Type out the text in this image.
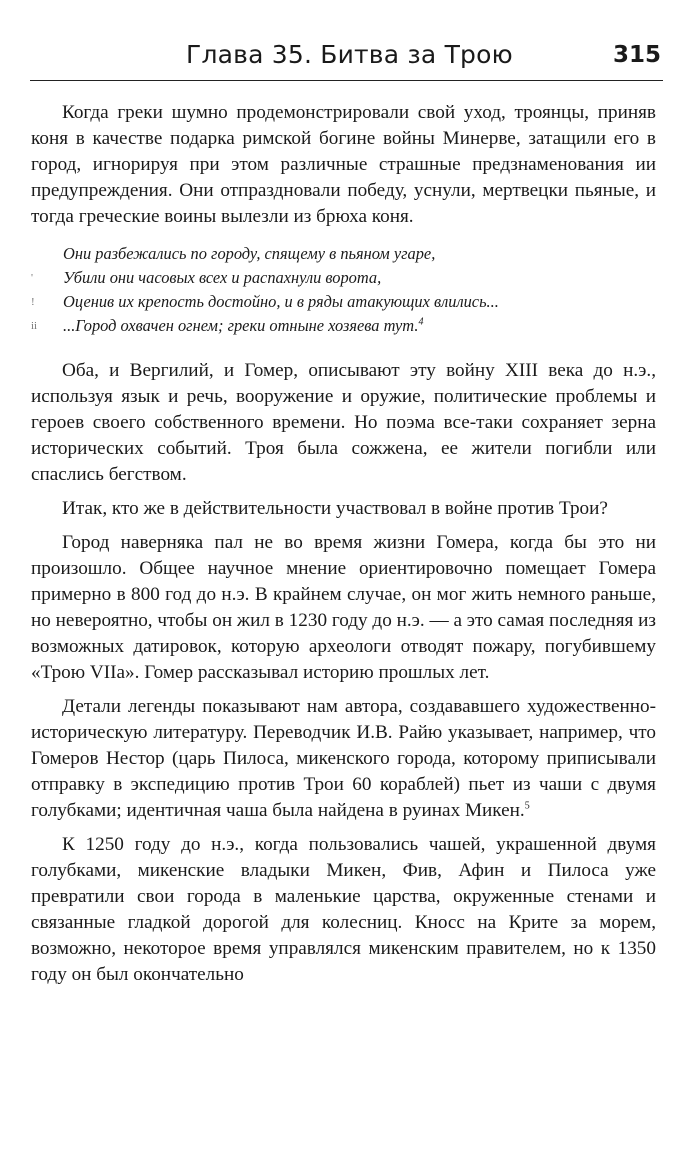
Глава 35. Битва за Трою	315

Когда греки шумно продемонстрировали свой уход, троянцы, приняв коня в качестве подарка римской богине войны Минерве, затащили его в город, игнорируя при этом различные страшные предзнаменования ии предупреждения. Они отпраздновали победу, уснули, мертвецки пьяные, и тогда греческие воины вылезли из брюха коня.

Они разбежались по городу, спящему в пьяном угаре,
' Убили они часовых всех и распахнули ворота,
! Оценив их крепость достойно, и в ряды атакующих влились...
іі ...Город охвачен огнем; греки отныне хозяева тут.$^4$

Оба, и Вергилий, и Гомер, описывают эту войну XIII века до н.э., используя язык и речь, вооружение и оружие, политические проблемы и героев своего собственного времени. Но поэма все-таки сохраняет зерна исторических событий. Троя была сожжена, ее жители погибли или спаслись бегством.

Итак, кто же в действительности участвовал в войне против Трои?

Город наверняка пал не во время жизни Гомера, когда бы это ни произошло. Общее научное мнение ориентировочно помещает Гомера примерно в 800 год до н.э. В крайнем случае, он мог жить немного раньше, но невероятно, чтобы он жил в 1230 году до н.э. — а это самая последняя из возможных датировок, которую археологи отводят пожару, погубившему «Трою VIIa». Гомер рассказывал историю прошлых лет.

Детали легенды показывают нам автора, создававшего художественно-историческую литературу. Переводчик И.В. Райю указывает, например, что Гомеров Нестор (царь Пилоса, микенского города, которому приписывали отправку в экспедицию против Трои 60 кораблей) пьет из чаши с двумя голубками; идентичная чаша была найдена в руинах Микен.$^5$

К 1250 году до н.э., когда пользовались чашей, украшенной двумя голубками, микенские владыки Микен, Фив, Афин и Пилоса уже превратили свои города в маленькие царства, окруженные стенами и связанные гладкой дорогой для колесниц. Кносс на Крите за морем, возможно, некоторое время управлялся микенским правителем, но к 1350 году он был окончательно
